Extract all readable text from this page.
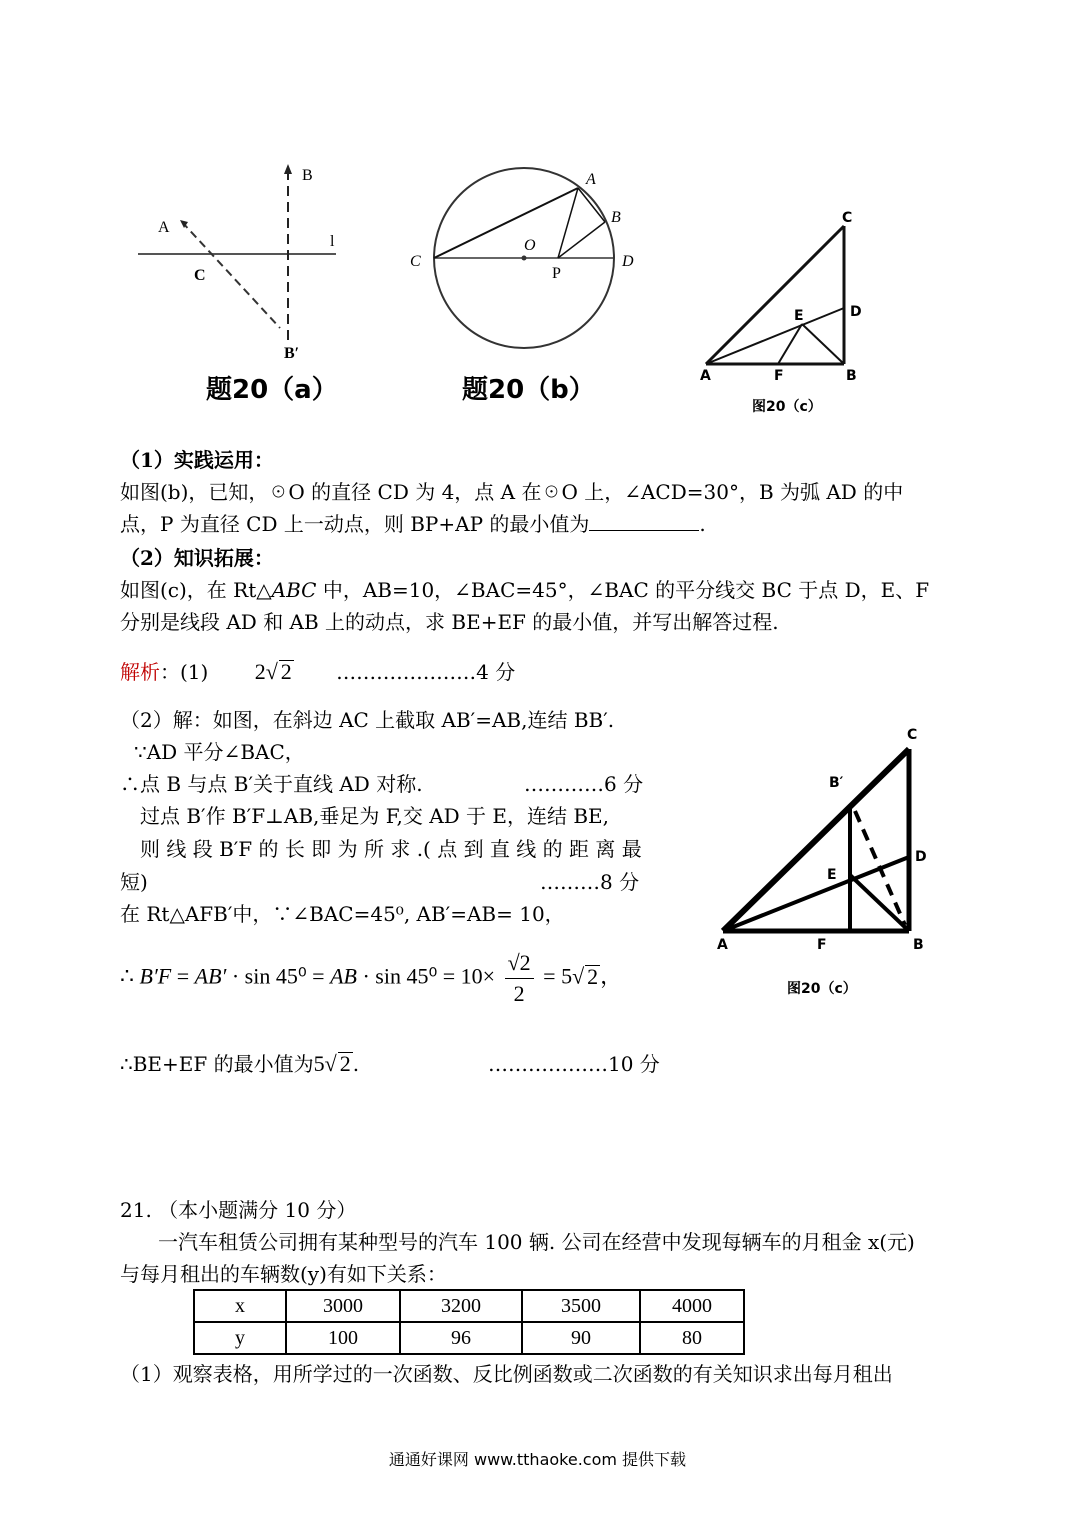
B
A
l
C
B′
题20（a）
A
B
C	D
O
P
题20（b）
C
D
E
A	F	B
图20（c）
C
B′
D
E
A	F	B
图20（c）
（1）实践运用：
如图(b)，已知，☉O 的直径 CD 为 4，点 A 在☉O 上，∠ACD=30°，B 为弧 AD 的中
点，P 为直径 CD 上一动点，则 BP+AP 的最小值为	.
（2）知识拓展：
如图(c)，在 Rt△ABC 中，AB=10，∠BAC=45°，∠BAC 的平分线交 BC 于点 D，E、F
分别是线段 AD 和 AB 上的动点，求 BE+EF 的最小值，并写出解答过程.
解析：(1) 2√ 2 …………………4 分
（2）解：如图，在斜边 AC 上截取 AB′=AB,连结 BB′.
∵AD 平分∠BAC，
∴点 B 与点 B′关于直线 AD 对称.	…………6 分
过点 B′作 B′F⊥AB,垂足为 F,交 AD 于 E，连结 BE,
则 线 段 B′F 的 长 即 为 所 求 .( 点 到 直 线 的 距 离 最
短)	………8 分
在 Rt△AFB′中，∵∠BAC=45⁰, AB′=AB= 10，
∴ B′F = AB′ · sin 45⁰ = AB · $\sin 45^0 = 10\times \frac{√2}{2} = 5√$ 2，
∴BE+EF 的最小值为5√ 2 .	………………10 分
21. （本小题满分 10 分）
一汽车租赁公司拥有某种型号的汽车 100 辆. 公司在经营中发现每辆车的月租金 x(元)
与每月租出的车辆数(y)有如下关系：
x	3000	3200	3500	4000
y	100	96	90	80
（1）观察表格，用所学过的一次函数、反比例函数或二次函数的有关知识求出每月租出
通通好课网 www.tthaoke.com 提供下载
